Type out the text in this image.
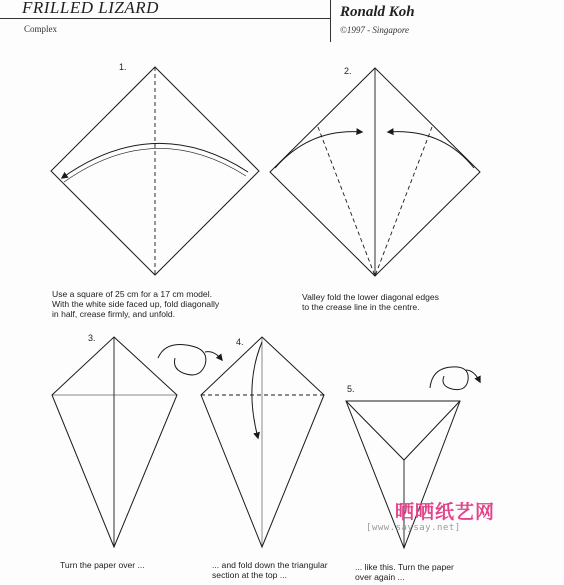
FRILLED LIZARD
Complex
Ronald Koh
©1997 - Singapore
1.	2.
3.	4.
5.
Use a square of 25 cm for a 17 cm model.
With the white side faced up, fold diagonally
in half, crease firmly, and unfold.
Valley fold the lower diagonal edges
to the crease line in the centre.
Turn the paper over ...	... and fold down the triangular
section at the top ...
... like this. Turn the paper
over again ...
晒晒纸艺网
[www.saysay.net]
